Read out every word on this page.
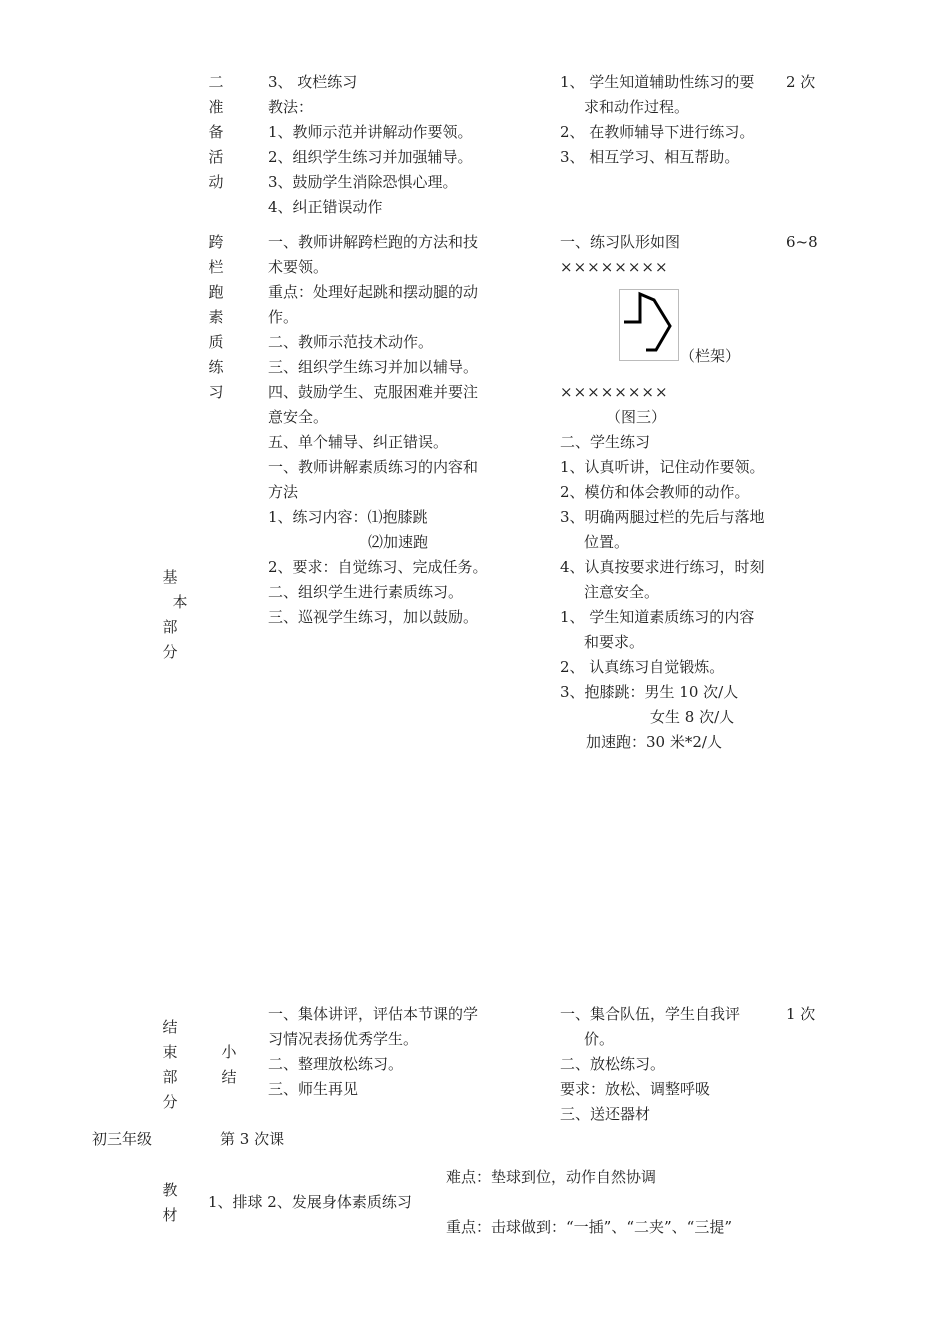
二
准
备
活
动
3、 攻栏练习
教法：
1、教师示范并讲解动作要领。
2、组织学生练习并加强辅导。
3、鼓励学生消除恐惧心理。
4、纠正错误动作
1、 学生知道辅助性练习的要
求和动作过程。
2、 在教师辅导下进行练习。
3、 相互学习、相互帮助。
2 次
跨
栏
跑
素
质
练
习
一、教师讲解跨栏跑的方法和技
术要领。
重点：处理好起跳和摆动腿的动
作。
二、教师示范技术动作。
三、组织学生练习并加以辅导。
四、鼓励学生、克服困难并要注
意安全。
五、单个辅导、纠正错误。
一、教师讲解素质练习的内容和
方法
1、练习内容：⑴抱膝跳
⑵加速跑
2、要求：自觉练习、完成任务。
二、组织学生进行素质练习。
三、巡视学生练习，加以鼓励。
一、练习队形如图
××××××××
（栏架）
××××××××
（图三）
二、学生练习
1、认真听讲，记住动作要领。
2、模仿和体会教师的动作。
3、明确两腿过栏的先后与落地
位置。
4、认真按要求进行练习，时刻
注意安全。
1、 学生知道素质练习的内容
和要求。
2、 认真练习自觉锻炼。
3、抱膝跳：男生 10 次/人
女生 8 次/人
加速跑：30 米*2/人
6~8
基
本
部
分
结
束
部
分
小
结
一、集体讲评，评估本节课的学
习情况表扬优秀学生。
二、整理放松练习。
三、师生再见
一、集合队伍，学生自我评
价。
二、放松练习。
要求：放松、调整呼吸
三、送还器材
1 次
初三年级	第 3 次课
难点：垫球到位，动作自然协调
教
材
1、排球 2、发展身体素质练习
重点：击球做到：“一插”、“二夹”、“三提”
